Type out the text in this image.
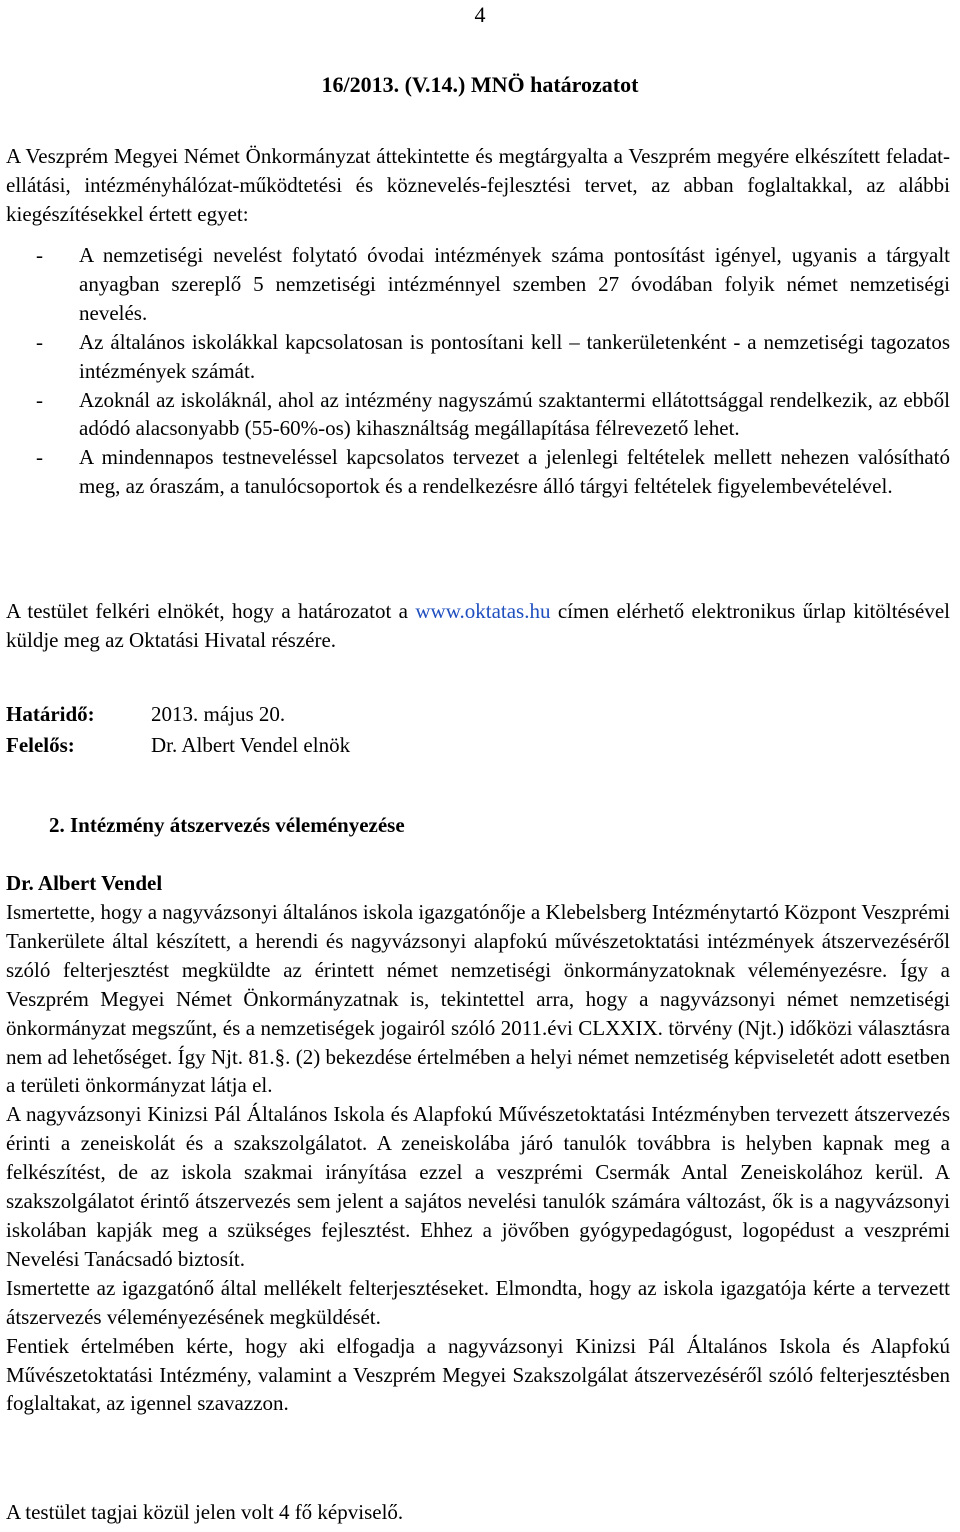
4
16/2013. (V.14.) MNÖ határozatot
A Veszprém Megyei Német Önkormányzat áttekintette és megtárgyalta a Veszprém megyére elkészített feladat-ellátási, intézményhálózat-működtetési és köznevelés-fejlesztési tervet, az abban foglaltakkal, az alábbi kiegészítésekkel értett egyet:
- A nemzetiségi nevelést folytató óvodai intézmények száma pontosítást igényel, ugyanis a tárgyalt anyagban szereplő 5 nemzetiségi intézménnyel szemben 27 óvodában folyik német nemzetiségi nevelés.
- Az általános iskolákkal kapcsolatosan is pontosítani kell – tankerületenként - a nemzetiségi tagozatos intézmények számát.
- Azoknál az iskoláknál, ahol az intézmény nagyszámú szaktantermi ellátottsággal rendelkezik, az ebből adódó alacsonyabb (55-60%-os) kihasználtság megállapítása félrevezető lehet.
- A mindennapos testneveléssel kapcsolatos tervezet a jelenlegi feltételek mellett nehezen valósítható meg, az óraszám, a tanulócsoportok és a rendelkezésre álló tárgyi feltételek figyelembevételével.
A testület felkéri elnökét, hogy a határozatot a www.oktatas.hu címen elérhető elektronikus űrlap kitöltésével küldje meg az Oktatási Hivatal részére.
Határidő:	2013. május 20.
Felelős:	Dr. Albert Vendel elnök
2. Intézmény átszervezés véleményezése
Dr. Albert Vendel

Ismertette, hogy a nagyvázsonyi általános iskola igazgatónője a Klebelsberg Intézménytartó Központ Veszprémi Tankerülete által készített, a herendi és nagyvázsonyi alapfokú művészetoktatási intézmények átszervezéséről szóló felterjesztést megküldte az érintett német nemzetiségi önkormányzatoknak véleményezésre. Így a Veszprém Megyei Német Önkormányzatnak is, tekintettel arra, hogy a nagyvázsonyi német nemzetiségi önkormányzat megszűnt, és a nemzetiségek jogairól szóló 2011.évi CLXXIX. törvény (Njt.) időközi választásra nem ad lehetőséget. Így Njt. 81.§. (2) bekezdése értelmében a helyi német nemzetiség képviseletét adott esetben a területi önkormányzat látja el.

A nagyvázsonyi Kinizsi Pál Általános Iskola és Alapfokú Művészetoktatási Intézményben tervezett átszervezés érinti a zeneiskolát és a szakszolgálatot. A zeneiskolába járó tanulók továbbra is helyben kapnak meg a felkészítést, de az iskola szakmai irányítása ezzel a veszprémi Csermák Antal Zeneiskolához kerül. A szakszolgálatot érintő átszervezés sem jelent a sajátos nevelési tanulók számára változást, ők is a nagyvázsonyi iskolában kapják meg a szükséges fejlesztést. Ehhez a jövőben gyógypedagógust, logopédust a veszprémi Nevelési Tanácsadó biztosít.

Ismertette az igazgatónő által mellékelt felterjesztéseket. Elmondta, hogy az iskola igazgatója kérte a tervezett átszervezés véleményezésének megküldését.

Fentiek értelmében kérte, hogy aki elfogadja a nagyvázsonyi Kinizsi Pál Általános Iskola és Alapfokú Művészetoktatási Intézmény, valamint a Veszprém Megyei Szakszolgálat átszervezéséről szóló felterjesztésben foglaltakat, az igennel szavazzon.

A testület tagjai közül jelen volt 4 fő képviselő.
